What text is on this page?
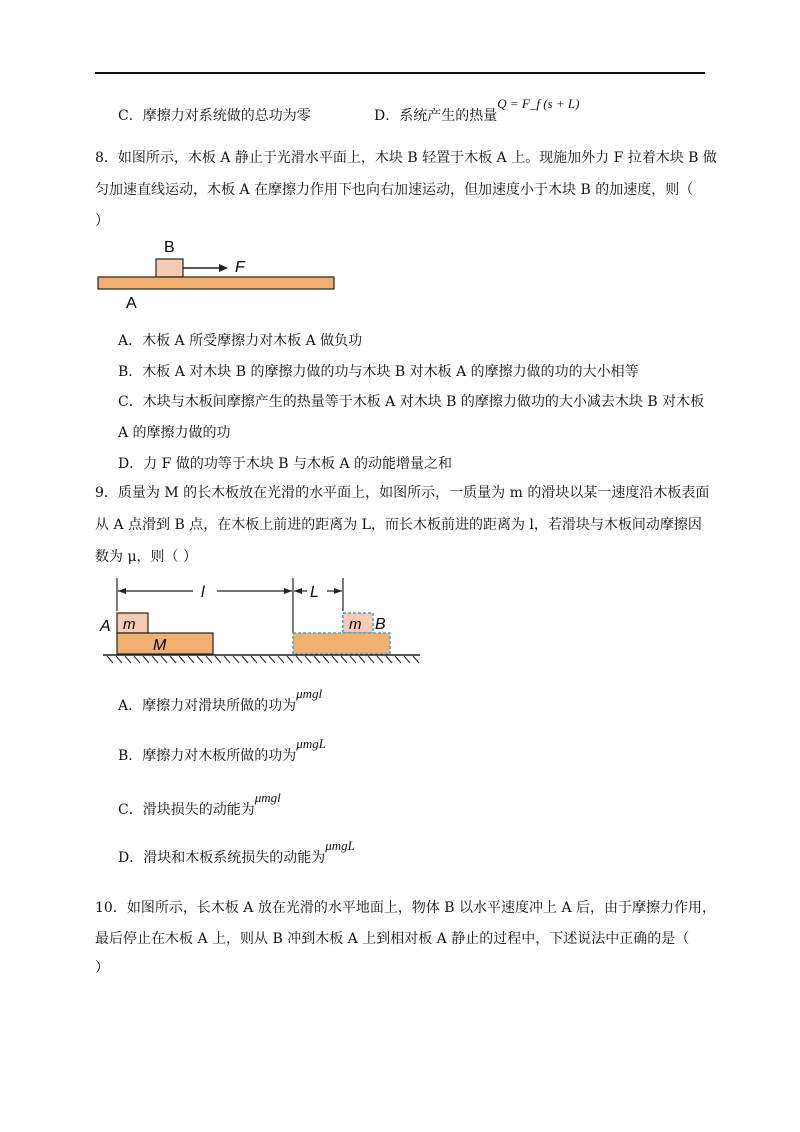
C．摩擦力对系统做的总功为零	D．系统产生的热量Q = F_f (s + L)
8．如图所示，木板 A 静止于光滑水平面上，木块 B 轻置于木板 A 上。现施加外力 F 拉着木块 B 做
匀加速直线运动，木板 A 在摩擦力作用下也向右加速运动，但加速度小于木块 B 的加速度，则（
）
B
F
A
A．木板 A 所受摩擦力对木板 A 做负功
B．木板 A 对木块 B 的摩擦力做的功与木块 B 对木板 A 的摩擦力做的功的大小相等
C．木块与木板间摩擦产生的热量等于木板 A 对木块 B 的摩擦力做功的大小减去木块 B 对木板
A 的摩擦力做的功
D．力 F 做的功等于木块 B 与木板 A 的动能增量之和
9．质量为 M 的长木板放在光滑的水平面上，如图所示，一质量为 m 的滑块以某一速度沿木板表面
从 A 点滑到 B 点，在木板上前进的距离为 L，而长木板前进的距离为 l，若滑块与木板间动摩擦因
数为 μ，则（ ）
l	L
m
M
A	m B
A．摩擦力对滑块所做的功为μmgl
B．摩擦力对木板所做的功为μmgL
C．滑块损失的动能为μmgl
D．滑块和木板系统损失的动能为μmgL
10．如图所示，长木板 A 放在光滑的水平地面上，物体 B 以水平速度冲上 A 后，由于摩擦力作用，
最后停止在木板 A 上，则从 B 冲到木板 A 上到相对板 A 静止的过程中，下述说法中正确的是（
）
